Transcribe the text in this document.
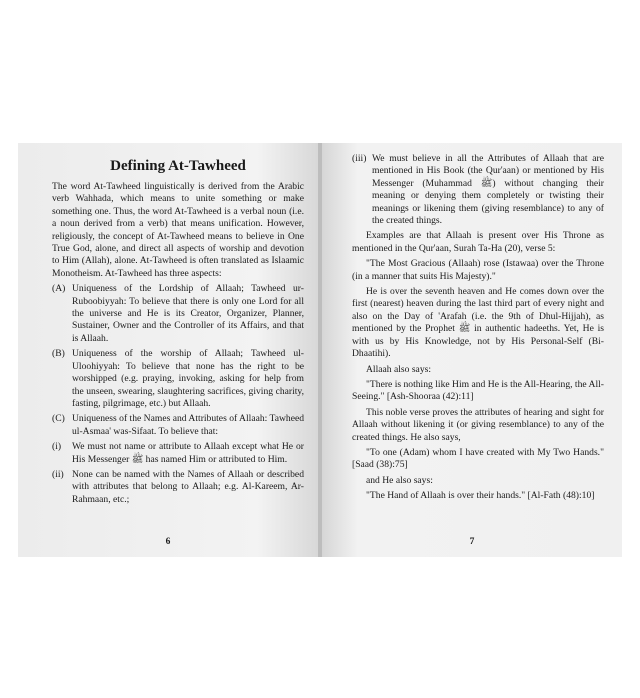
Defining At-Tawheed

The word At-Tawheed linguistically is derived from the Arabic verb Wahhada, which means to unite something or make something one. Thus, the word At-Tawheed is a verbal noun (i.e. a noun derived from a verb) that means unification. However, religiously, the concept of At-Tawheed means to believe in One True God, alone, and direct all aspects of worship and devotion to Him (Allah), alone. At-Tawheed is often translated as Islaamic Monotheism. At-Tawheed has three aspects:

(A) Uniqueness of the Lordship of Allaah; Tawheed ur-Ruboobiyyah: To believe that there is only one Lord for all the universe and He is its Creator, Organizer, Planner, Sustainer, Owner and the Controller of its Affairs, and that is Allaah.
(B) Uniqueness of the worship of Allaah; Tawheed ul-Uloohiyyah: To believe that none has the right to be worshipped (e.g. praying, invoking, asking for help from the unseen, swearing, slaughtering sacrifices, giving charity, fasting, pilgrimage, etc.) but Allaah.
(C) Uniqueness of the Names and Attributes of Allaah: Tawheed ul-Asmaa' was-Sifaat. To believe that:
(i)	We must not name or attribute to Allaah except what He or His Messenger ﷺ has named Him or attributed to Him.
(ii) None can be named with the Names of Allaah or described with attributes that belong to Allaah; e.g. Al-Kareem, Ar-Rahmaan, etc.;
6
(iii) We must believe in all the Attributes of Allaah that are mentioned in His Book (the Qur'aan) or mentioned by His Messenger (Muhammad ﷺ) without changing their meaning or denying them completely or twisting their meanings or likening them (giving resemblance) to any of the created things.

Examples are that Allaah is present over His Throne as mentioned in the Qur'aan, Surah Ta-Ha (20), verse 5:

"The Most Gracious (Allaah) rose (Istawaa) over the Throne (in a manner that suits His Majesty)."

He is over the seventh heaven and He comes down over the first (nearest) heaven during the last third part of every night and also on the Day of 'Arafah (i.e. the 9th of Dhul-Hijjah), as mentioned by the Prophet ﷺ in authentic hadeeths. Yet, He is with us by His Knowledge, not by His Personal-Self (Bi-Dhaatihi).

Allaah also says:

"There is nothing like Him and He is the All-Hearing, the All-Seeing." [Ash-Shooraa (42):11]

This noble verse proves the attributes of hearing and sight for Allaah without likening it (or giving resemblance) to any of the created things. He also says,

"To one (Adam) whom I have created with My Two Hands." [Saad (38):75]

and He also says:

"The Hand of Allaah is over their hands." [Al-Fath (48):10]

7
